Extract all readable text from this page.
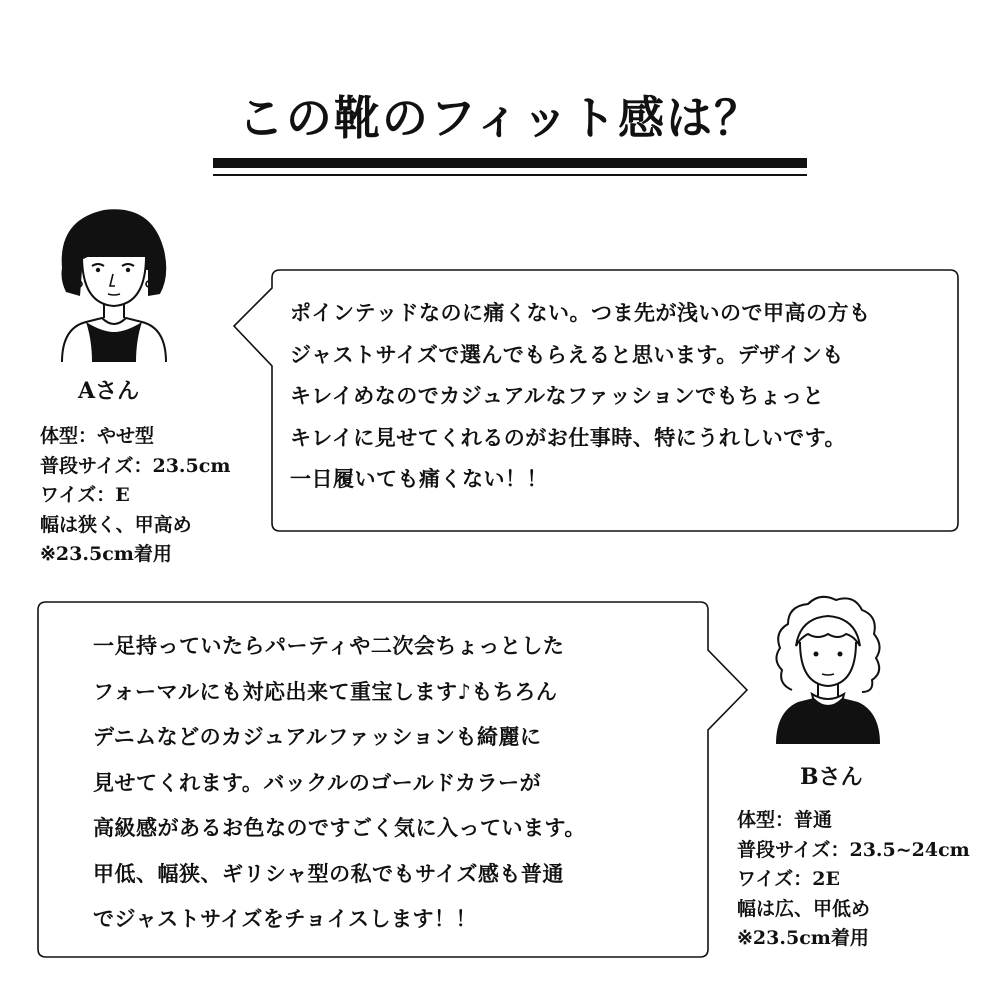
この靴のフィット感は？
ポインテッドなのに痛くない。つま先が浅いので甲高の方も
ジャストサイズで選んでもらえると思います。デザインも
キレイめなのでカジュアルなファッションでもちょっと
キレイに見せてくれるのがお仕事時、特にうれしいです。
一日履いても痛くない！！
Aさん
体型：やせ型
普段サイズ：23.5cm
ワイズ：E
幅は狭く、甲高め
※23.5cm着用
一足持っていたらパーティや二次会ちょっとした
フォーマルにも対応出来て重宝します♪もちろん
デニムなどのカジュアルファッションも綺麗に
見せてくれます。バックルのゴールドカラーが
高級感があるお色なのですごく気に入っています。
甲低、幅狭、ギリシャ型の私でもサイズ感も普通
でジャストサイズをチョイスします！！
Bさん
体型：普通
普段サイズ：23.5~24cm
ワイズ：2E
幅は広、甲低め
※23.5cm着用
